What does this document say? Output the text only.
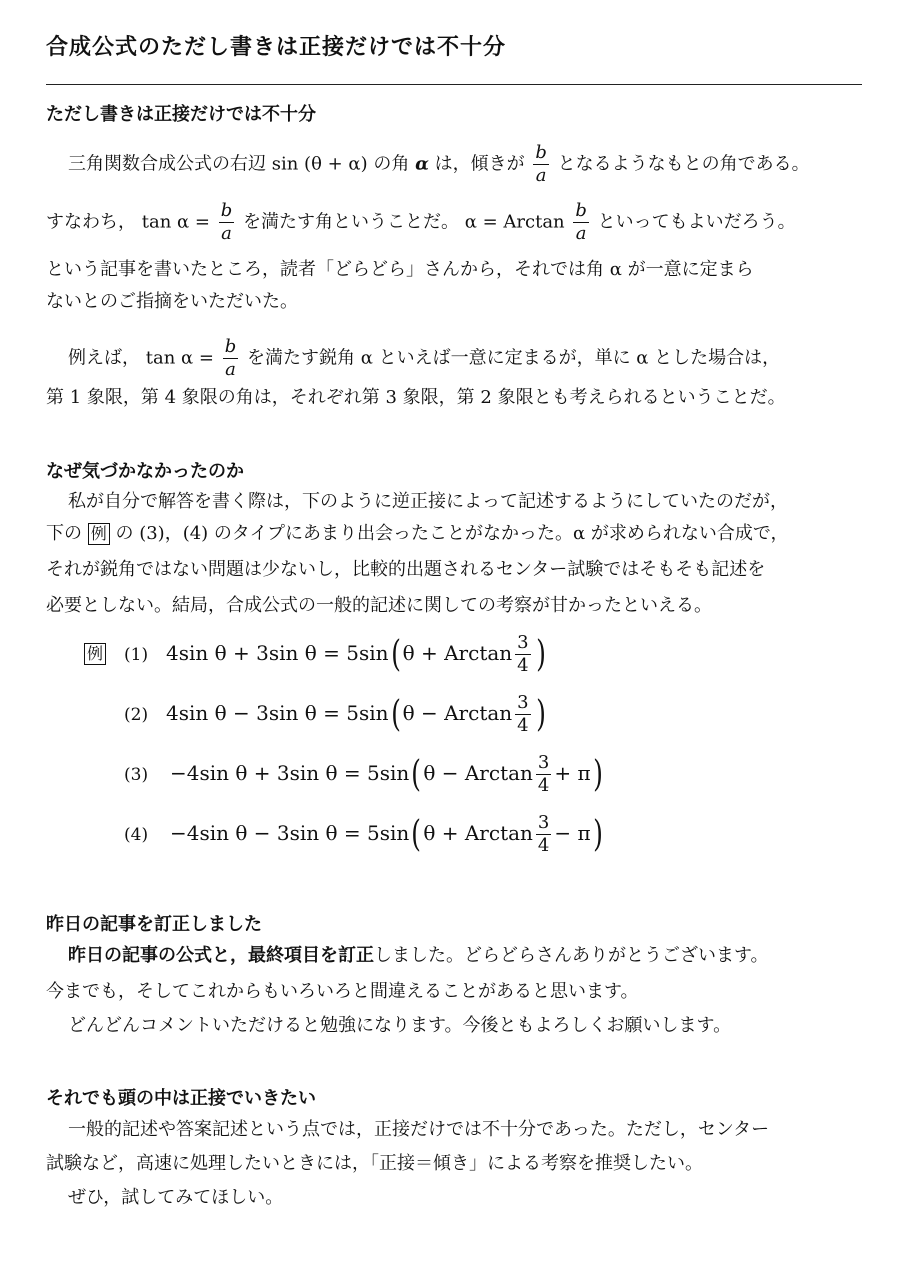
合成公式のただし書きは正接だけでは不十分
ただし書きは正接だけでは不十分
三角関数合成公式の右辺 sin (θ + α) の角 α は，傾きが $\frac{b}{a}$ となるようなもとの角である。
すなわち， $\tan \alpha = \frac{b}{a}$ を満たす角ということだ。 α = Arctan $\frac{b}{a}$ といってもよいだろう。
という記事を書いたところ，読者「どらどら」さんから，それでは角 α が一意に定まら
ないとのご指摘をいただいた。
例えば， $\tan \alpha = \frac{b}{a}$ を満たす鋭角 α といえば一意に定まるが，単に α とした場合は，
第 1 象限，第 4 象限の角は，それぞれ第 3 象限，第 2 象限とも考えられるということだ。
なぜ気づかなかったのか
私が自分で解答を書く際は，下のように逆正接によって記述するようにしていたのだが，
下の 例 の (3)，(4) のタイプにあまり出会ったことがなかった。α が求められない合成で，
それが鋭角ではない問題は少ないし，比較的出題されるセンター試験ではそもそも記述を
必要としない。結局，合成公式の一般的記述に関しての考察が甘かったといえる。
例 (1) 4sin θ + 3sin θ = 5sin( θ + Arctan $\frac{3}{4}$ )
(2) 4sin θ − 3sin θ = 5sin( θ − Arctan $\frac{3}{4}$ )
(3) −4sin θ + 3sin θ = 5sin( θ − Arctan $\frac{3}{4} + \pi$)
(4) −4sin θ − 3sin θ = 5sin( θ + Arctan $\frac{3}{4} - \pi$)
昨日の記事を訂正しました
昨日の記事の公式と，最終項目を訂正しました。どらどらさんありがとうございます。
今までも，そしてこれからもいろいろと間違えることがあると思います。
どんどんコメントいただけると勉強になります。今後ともよろしくお願いします。
それでも頭の中は正接でいきたい
一般的記述や答案記述という点では，正接だけでは不十分であった。ただし，センター
試験など，高速に処理したいときには，「正接＝傾き」による考察を推奨したい。
ぜひ，試してみてほしい。
